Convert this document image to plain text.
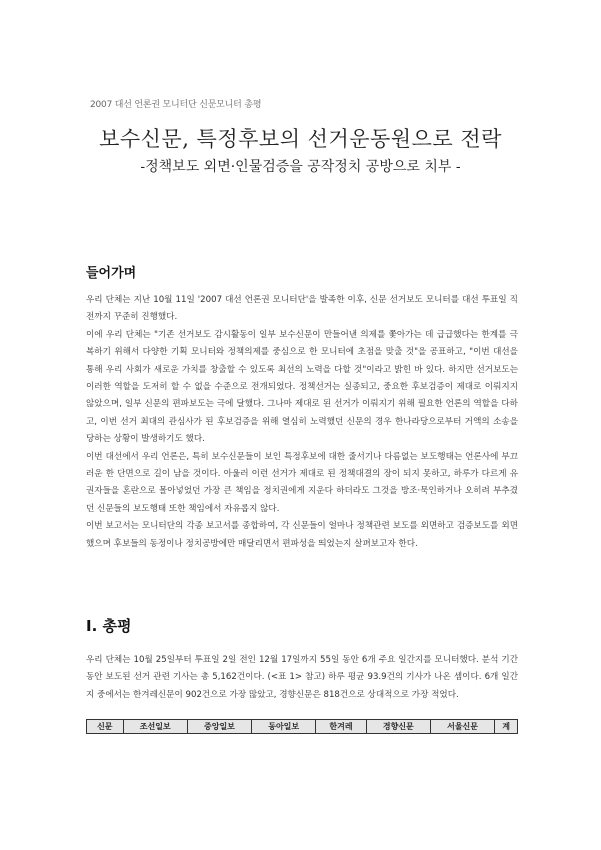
2007 대선 언론권 모니터단 신문모니터 총평
보수신문, 특정후보의 선거운동원으로 전락
-정책보도 외면·인물검증을 공작정치 공방으로 치부 -
들어가며

우리 단체는 지난 10월 11일 '2007 대선 언론권 모니터단'을 발족한 이후, 신문 선거보도 모니터를 대선 투표일 직전까지 꾸준히 진행했다.

이에 우리 단체는 "기존 선거보도 감시활동이 일부 보수신문이 만들어낸 의제를 쫓아가는 데 급급했다는 한계를 극복하기 위해서 다양한 기획 모니터와 정책의제를 중심으로 한 모니터에 초점을 맞출 것"을 공표하고, "이번 대선을 통해 우리 사회가 새로운 가치를 창출할 수 있도록 최선의 노력을 다할 것"이라고 밝힌 바 있다. 하지만 선거보도는 이러한 역할을 도저히 할 수 없을 수준으로 전개되었다. 정책선거는 실종되고, 중요한 후보검증이 제대로 이뤄지지 않았으며, 일부 신문의 편파보도는 극에 달했다. 그나마 제대로 된 선거가 이뤄지기 위해 필요한 언론의 역할을 다하고, 이번 선거 최대의 관심사가 된 후보검증을 위해 열심히 노력했던 신문의 경우 한나라당으로부터 거액의 소송을 당하는 상황이 발생하기도 했다.

이번 대선에서 우리 언론은, 특히 보수신문들이 보인 특정후보에 대한 줄서기나 다름없는 보도행태는 언론사에 부끄러운 한 단면으로 길이 남을 것이다. 아울러 이런 선거가 제대로 된 정책대결의 장이 되지 못하고, 하루가 다르게 유권자들을 혼란으로 몰아넣었던 가장 큰 책임을 정치권에게 지운다 하더라도 그것을 방조·묵인하거나 오히려 부추겼던 신문들의 보도행태 또한 책임에서 자유롭지 않다.

이번 보고서는 모니터단의 각종 보고서를 종합하여, 각 신문들이 얼마나 정책관련 보도를 외면하고 검증보도를 외면했으며 후보들의 동정이나 정치공방에만 매달리면서 편파성을 띄었는지 살펴보고자 한다.

Ⅰ. 총평

우리 단체는 10월 25일부터 투표일 2일 전인 12월 17일까지 55일 동안 6개 주요 일간지를 모니터했다. 분석 기간 동안 보도된 선거 관련 기사는 총 5,162건이다. (<표 1> 참고) 하루 평균 93.9건의 기사가 나온 셈이다. 6개 일간지 중에서는 한겨레신문이 902건으로 가장 많았고, 경향신문은 818건으로 상대적으로 가장 적었다.

신문	조선일보	중앙일보	동아일보	한겨레	경향신문	서울신문	계
